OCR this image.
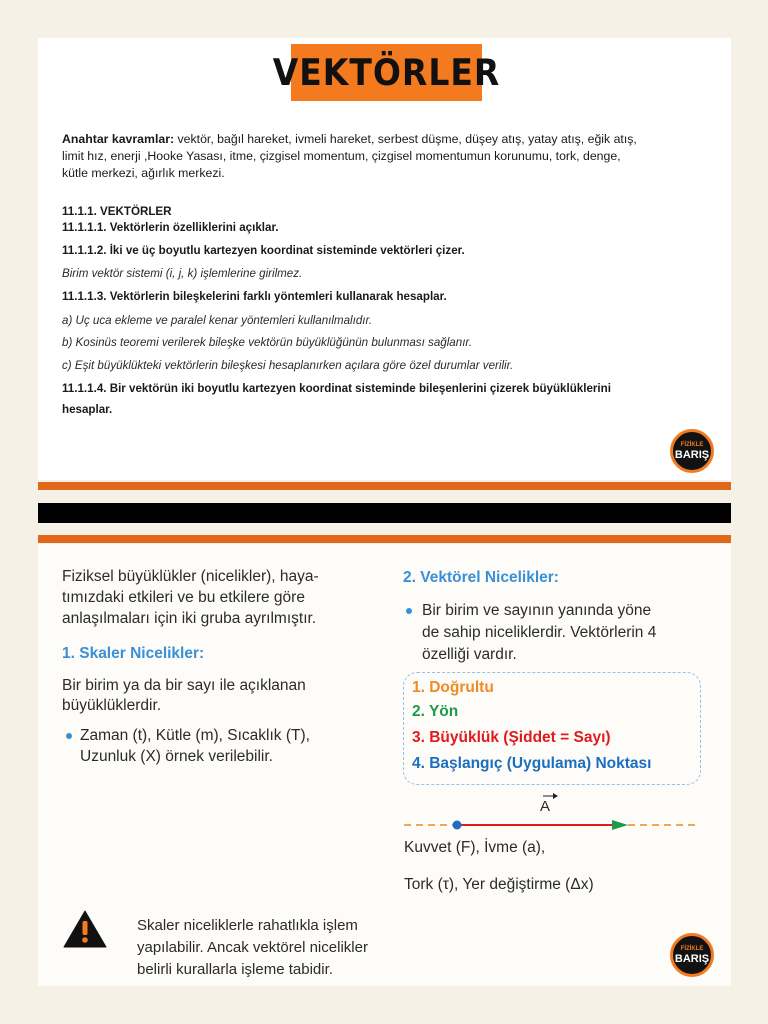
VEKTÖRLER
Anahtar kavramlar: vektör, bağıl hareket, ivmeli hareket, serbest düşme, düşey atış, yatay atış, eğik atış,
limit hız, enerji ,Hooke Yasası, itme, çizgisel momentum, çizgisel momentumun korunumu, tork, denge,
kütle merkezi, ağırlık merkezi.
11.1.1. VEKTÖRLER
11.1.1.1. Vektörlerin özelliklerini açıklar.
11.1.1.2. İki ve üç boyutlu kartezyen koordinat sisteminde vektörleri çizer.
Birim vektör sistemi (i, j, k) işlemlerine girilmez.
11.1.1.3. Vektörlerin bileşkelerini farklı yöntemleri kullanarak hesaplar.
a) Uç uca ekleme ve paralel kenar yöntemleri kullanılmalıdır.
b) Kosinüs teoremi verilerek bileşke vektörün büyüklüğünün bulunması sağlanır.
c) Eşit büyüklükteki vektörlerin bileşkesi hesaplanırken açılara göre özel durumlar verilir.
11.1.1.4. Bir vektörün iki boyutlu kartezyen koordinat sisteminde bileşenlerini çizerek büyüklüklerini
hesaplar.
FİZİKLE
BARIŞ
Fiziksel büyüklükler (nicelikler), haya-
tımızdaki etkileri ve bu etkilere göre
anlaşılmaları için iki gruba ayrılmıştır.
1. Skaler Nicelikler:
Bir birim ya da bir sayı ile açıklanan
büyüklüklerdir.
Zaman (t), Kütle (m), Sıcaklık (T),
Uzunluk (X) örnek verilebilir.
2. Vektörel Nicelikler:
Bir birim ve sayının yanında yöne
de sahip niceliklerdir. Vektörlerin 4
özelliği vardır.
1. Doğrultu
2. Yön
3. Büyüklük (Şiddet = Sayı)
4. Başlangıç (Uygulama) Noktası
A
Kuvvet (F), İvme (a),
Tork (τ), Yer değiştirme (Δx)
Skaler niceliklerle rahatlıkla işlem
yapılabilir. Ancak vektörel nicelikler
belirli kurallarla işleme tabidir.
FİZİKLE
BARIŞ
